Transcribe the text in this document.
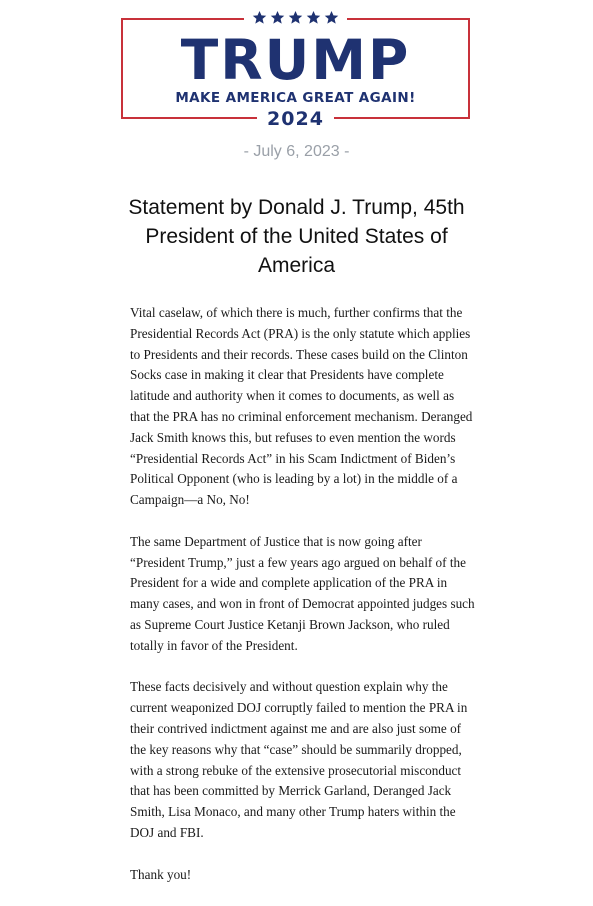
TRUMP
MAKE AMERICA GREAT AGAIN!
2024
- July 6, 2023 -
Statement by Donald J. Trump, 45th President of the United States of America

Vital caselaw, of which there is much, further confirms that the Presidential Records Act (PRA) is the only statute which applies to Presidents and their records. These cases build on the Clinton Socks case in making it clear that Presidents have complete latitude and authority when it comes to documents, as well as that the PRA has no criminal enforcement mechanism. Deranged Jack Smith knows this, but refuses to even mention the words “Presidential Records Act” in his Scam Indictment of Biden’s Political Opponent (who is leading by a lot) in the middle of a Campaign—a No, No!

The same Department of Justice that is now going after “President Trump,” just a few years ago argued on behalf of the President for a wide and complete application of the PRA in many cases, and won in front of Democrat appointed judges such as Supreme Court Justice Ketanji Brown Jackson, who ruled totally in favor of the President.

These facts decisively and without question explain why the current weaponized DOJ corruptly failed to mention the PRA in their contrived indictment against me and are also just some of the key reasons why that “case” should be summarily dropped, with a strong rebuke of the extensive prosecutorial misconduct that has been committed by Merrick Garland, Deranged Jack Smith, Lisa Monaco, and many other Trump haters within the DOJ and FBI.

Thank you!
